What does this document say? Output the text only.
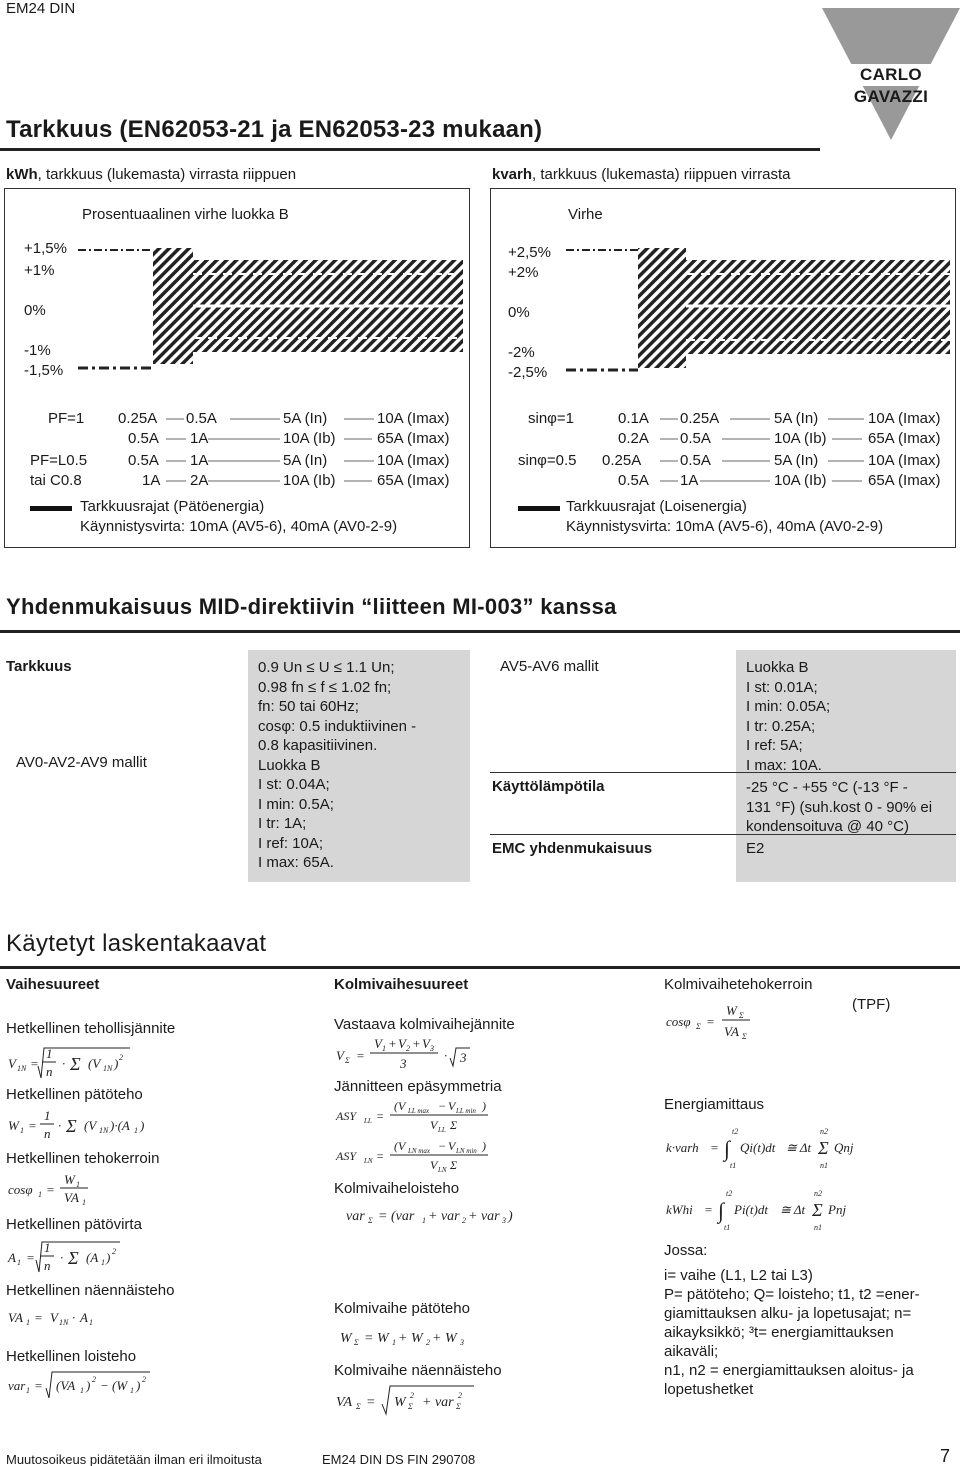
EM24 DIN
CARLO GAVAZZI
Tarkkuus (EN62053-21 ja EN62053-23 mukaan)
kWh, tarkkuus (lukemasta) virrasta riippuen
Prosentuaalinen virhe luokka B
+1,5%
+1%
0%
-1%
-1,5%
PF=1 0.25A 0.5A	5A (In)	10A (Imax)
0.5A 1A	10A (Ib)	65A (Imax)
PF=L0.5	0.5A 1A	5A (In)	10A (Imax)
tai C0.8	1A 2A	10A (Ib)	65A (Imax)
Tarkkuusrajat (Pätöenergia)
Käynnistysvirta: 10mA (AV5-6), 40mA (AV0-2-9)
kvarh, tarkkuus (lukemasta) riippuen virrasta
Virhe
+2,5%
+2%
0%
-2%
-2,5%
sinφ=1	0.1A 0.25A	5A (In)	10A (Imax)
0.2A 0.5A	10A (Ib)	65A (Imax)
sinφ=0.5 0.25A	0.5A	5A (In)	10A (Imax)
0.5A 1A	10A (Ib)	65A (Imax)
Tarkkuusrajat (Loisenergia)
Käynnistysvirta: 10mA (AV5-6), 40mA (AV0-2-9)
Yhdenmukaisuus MID-direktiivin “liitteen MI-003” kanssa
Tarkkuus
AV0-AV2-AV9 mallit
0.9 Un ≤ U ≤ 1.1 Un;
0.98 fn ≤ f ≤ 1.02 fn;
fn: 50 tai 60Hz;
cosφ: 0.5 induktiivinen -
0.8 kapasitiivinen.
Luokka B
I st: 0.04A;
I min: 0.5A;
I tr: 1A;
I ref: 10A;
I max: 65A.
AV5-AV6 mallit	Luokka B
I st: 0.01A;
I min: 0.05A;
I tr: 0.25A;
I ref: 5A;
I max: 10A.
Käyttölämpötila	-25 °C - +55 °C (-13 °F -
131 °F) (suh.kost 0 - 90% ei
kondensoituva @ 40 °C)
EMC yhdenmukaisuus	E2
Käytetyt laskentakaavat
Vaihesuureet
Hetkellinen tehollisjännite
V 1N =
1
n
· Σ (V 1N ) 2
Hetkellinen pätöteho
W 1 =
1
n
· Σ (V 1N )·(A 1 )
Hetkellinen tehokerroin
cosφ 1 =
W 1
VA 1
Hetkellinen pätövirta
A 1 =
1
n
· Σ (A 1 ) 2
Hetkellinen näennäisteho
VA 1 = V 1N · A 1
Hetkellinen loisteho
var 1 = (VA 1 ) 2 − (W 1 ) 2
Kolmivaihesuureet
Vastaava kolmivaihejännite
V Σ =
V 1 + V 2 + V 3
3
· 3
Jännitteen epäsymmetria
ASY LL =
(V LL max − V LL min )
V LL Σ
ASY LN =
(V LN max − V LN min )
V LN Σ
Kolmivaiheloisteho
var Σ = (var 1 + var 2 + var 3 )
Kolmivaihe pätöteho
W Σ = W 1 + W 2 + W 3
Kolmivaihe näennäisteho
VA Σ = W Σ
2 + var Σ
2
Kolmivaihetehokerroin
(TPF)
cosφ Σ =
W Σ
VA Σ
Energiamittaus
k·varh = ∫
t2
t1
Qi(t)dt ≅ Δt Σ
n2
n1
Qnj
kWhi = ∫
t2
t1
Pi(t)dt ≅ Δt Σ
n2
n1
Pnj
Jossa:
i= vaihe (L1, L2 tai L3)
P= pätöteho; Q= loisteho; t1, t2 =ener-
giamittauksen alku- ja lopetusajat; n=
aikayksikkö; ³t= energiamittauksen
aikaväli;
n1, n2 = energiamittauksen aloitus- ja
lopetushetket
Muutosoikeus pidätetään ilman eri ilmoitusta	EM24 DIN DS FIN 290708	7
